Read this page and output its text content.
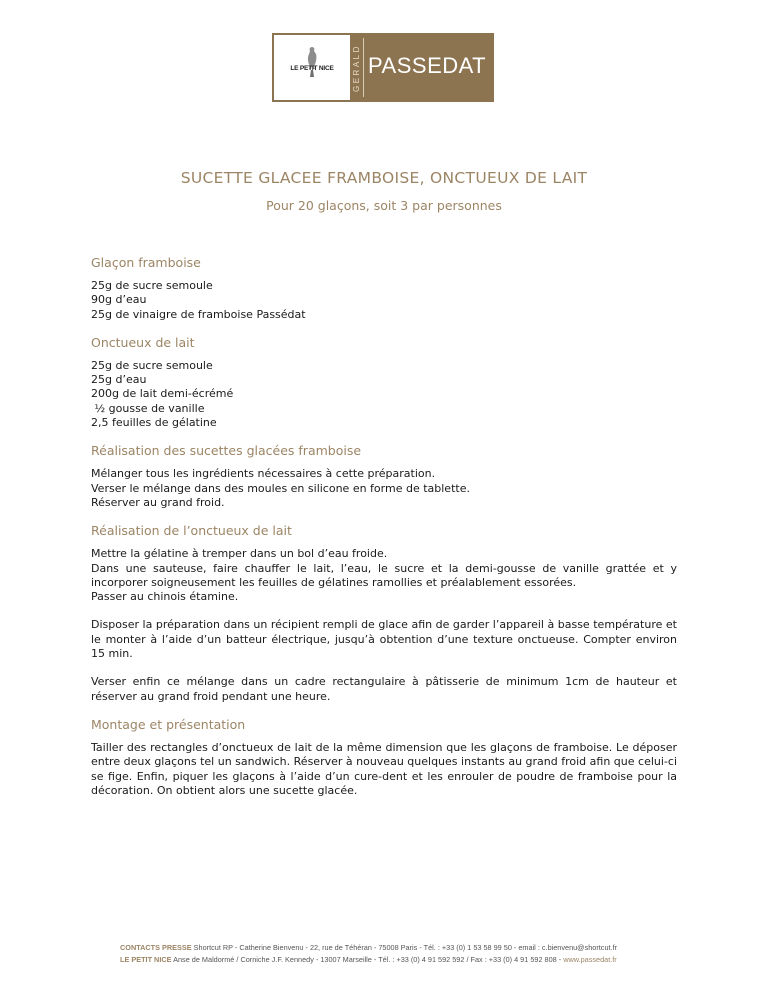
LE PETIT NICE	GERALD PASSEDAT
SUCETTE GLACEE FRAMBOISE, ONCTUEUX DE LAIT
Pour 20 glaçons, soit 3 par personnes
Glaçon framboise

25g de sucre semoule

90g d’eau

25g de vinaigre de framboise Passédat

Onctueux de lait

25g de sucre semoule

25g d’eau

200g de lait demi-écrémé

½ gousse de vanille

2,5 feuilles de gélatine

Réalisation des sucettes glacées framboise

Mélanger tous les ingrédients nécessaires à cette préparation.

Verser le mélange dans des moules en silicone en forme de tablette.

Réserver au grand froid.

Réalisation de l’onctueux de lait

Mettre la gélatine à tremper dans un bol d’eau froide.

Dans une sauteuse, faire chauffer le lait, l’eau, le sucre et la demi-gousse de vanille grattée et y incorporer soigneusement les feuilles de gélatines ramollies et préalablement essorées.

Passer au chinois étamine.

Disposer la préparation dans un récipient rempli de glace afin de garder l’appareil à basse température et le monter à l’aide d’un batteur électrique, jusqu’à obtention d’une texture onctueuse. Compter environ 15 min.

Verser enfin ce mélange dans un cadre rectangulaire à pâtisserie de minimum 1cm de hauteur et réserver au grand froid pendant une heure.

Montage et présentation

Tailler des rectangles d’onctueux de lait de la même dimension que les glaçons de framboise. Le déposer entre deux glaçons tel un sandwich. Réserver à nouveau quelques instants au grand froid afin que celui-ci se fige. Enfin, piquer les glaçons à l’aide d’un cure-dent et les enrouler de poudre de framboise pour la décoration. On obtient alors une sucette glacée.

CONTACTS PRESSE Shortcut RP - Catherine Bienvenu - 22, rue de Téhéran - 75008 Paris - Tél. : +33 (0) 1 53 58 99 50 - email : c.bienvenu@shortcut.fr
LE PETIT NICE Anse de Maldormé / Corniche J.F. Kennedy - 13007 Marseille - Tél. : +33 (0) 4 91 592 592 / Fax : +33 (0) 4 91 592 808 - www.passedat.fr
